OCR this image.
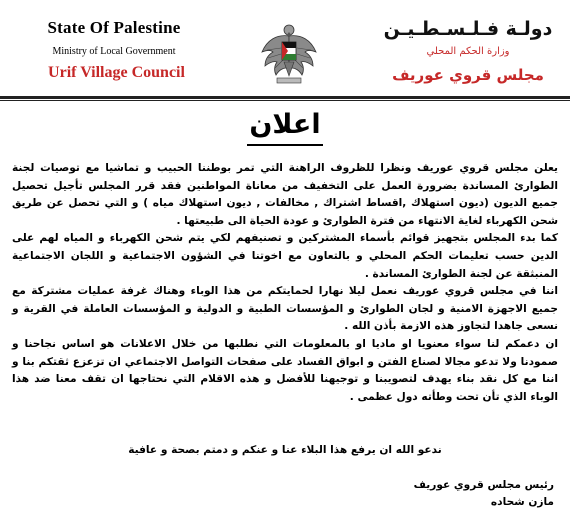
State Of Palestine
Ministry of Local Government
Urif Village Council
دولـة فـلـسـطـيـن
وزارة الحكم المحلي
مجلس قروي عوريف
اعلان

يعلن مجلس قروي عوريف ونظرا للظروف الراهنة التي تمر بوطننا الحبيب و تماشيا مع توصيات لجنة الطوارئ المساندة بضرورة العمل على التخفيف من معاناة المواطنين فقد قرر المجلس تأجيل تحصيل جميع الديون (ديون استهلاك ,اقساط اشتراك , مخالفات , ديون استهلاك مياه ) و التي تحصل عن طريق شحن الكهرباء لغاية الانتهاء من فترة الطوارئ و عودة الحياة الى طبيعتها .

كما بدء المجلس بتجهيز قوائم بأسماء المشتركين و تصنيفهم لكي يتم شحن الكهرباء و المياه لهم على الدين حسب تعليمات الحكم المحلي و بالتعاون مع اخوتنا في الشؤون الاجتماعية و اللجان الاجتماعية المنبثقة عن لجنة الطوارئ المساندة .

اننا في مجلس قروي عوريف نعمل ليلا نهارا لحمايتكم من هذا الوباء وهناك غرفة عمليات مشتركة مع جميع الاجهزة الامنية و لجان الطوارئ و المؤسسات الطبية و الدولية و المؤسسات العاملة في القرية و نسعى جاهدا لتجاوز هذه الازمة بأذن الله .

ان دعمكم لنا سواء معنويا او ماديا او بالمعلومات التي نطلبها من خلال الاعلانات هو اساس نجاحنا و صمودنا ولا تدعو مجالا لصناع الفتن و ابواق الفساد على صفحات التواصل الاجتماعي ان تزعزع ثقتكم بنا و اننا مع كل نقد بناء يهدف لتصويبنا و توجيهنا للأفضل و هذه الاقلام التي نحتاجها ان تقف معنا ضد هذا الوباء الذي تأن تحت وطأته دول عظمى .

ندعو الله ان يرفع هذا البلاء عنا و عنكم و دمتم بصحة و عافية
رئيس مجلس قروي عوريف
مازن شحاده
